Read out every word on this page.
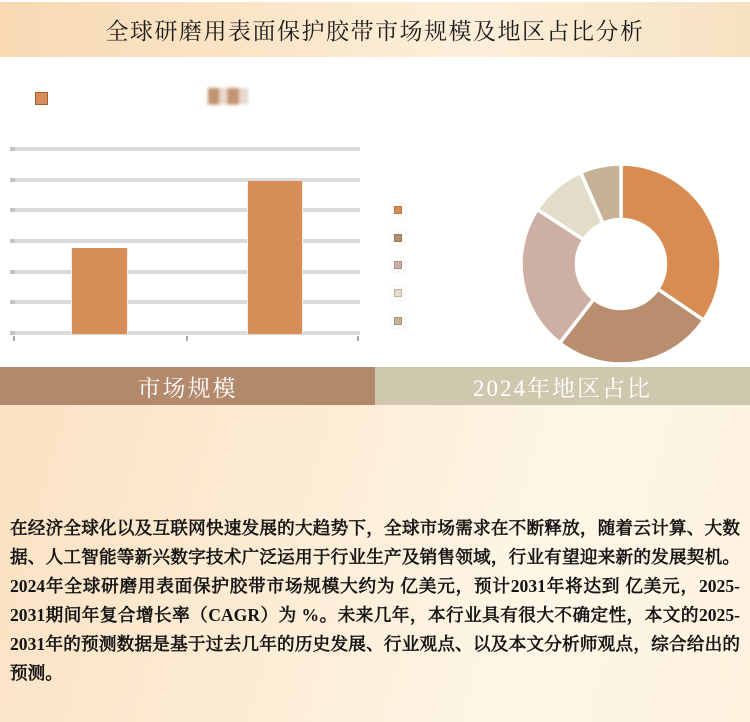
全球研磨用表面保护胶带市场规模及地区占比分析
▓▒▓▒
市场规模	2024年地区占比
在经济全球化以及互联网快速发展的大趋势下，全球市场需求在不断释放，随着云计算、大数据、人工智能等新兴数字技术广泛运用于行业生产及销售领域，行业有望迎来新的发展契机。2024年全球研磨用表面保护胶带市场规模大约为 亿美元，预计2031年将达到 亿美元，2025-2031期间年复合增长率（CAGR）为 %。未来几年，本行业具有很大不确定性，本文的2025-2031年的预测数据是基于过去几年的历史发展、行业观点、以及本文分析师观点，综合给出的预测。
